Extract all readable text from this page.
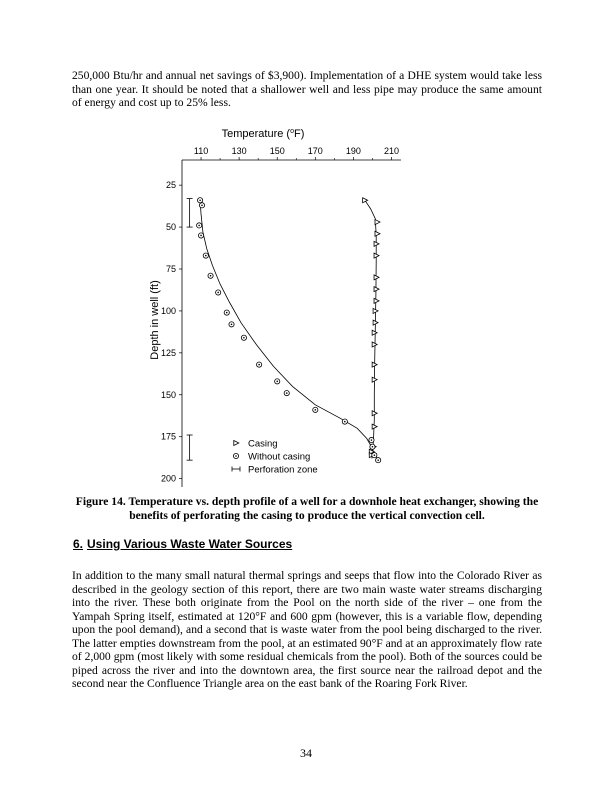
250,000 Btu/hr and annual net savings of $3,900). Implementation of a DHE system would take less than one year. It should be noted that a shallower well and less pipe may produce the same amount of energy and cost up to 25% less.
Temperature ($^o$F)
110	130	150	170	190	210
25
50
75
100
125
150
175
200
Depth in well (ft)
Casing
Without casing
Perforation zone
Figure 14. Temperature vs. depth profile of a well for a downhole heat exchanger, showing the benefits of perforating the casing to produce the vertical convection cell.
6. Using Various Waste Water Sources
In addition to the many small natural thermal springs and seeps that flow into the Colorado River as described in the geology section of this report, there are two main waste water streams discharging into the river. These both originate from the Pool on the north side of the river – one from the Yampah Spring itself, estimated at 120°F and 600 gpm (however, this is a variable flow, depending upon the pool demand), and a second that is waste water from the pool being discharged to the river. The latter empties downstream from the pool, at an estimated 90°F and at an approximately flow rate of 2,000 gpm (most likely with some residual chemicals from the pool). Both of the sources could be piped across the river and into the downtown area, the first source near the railroad depot and the second near the Confluence Triangle area on the east bank of the Roaring Fork River.
34
